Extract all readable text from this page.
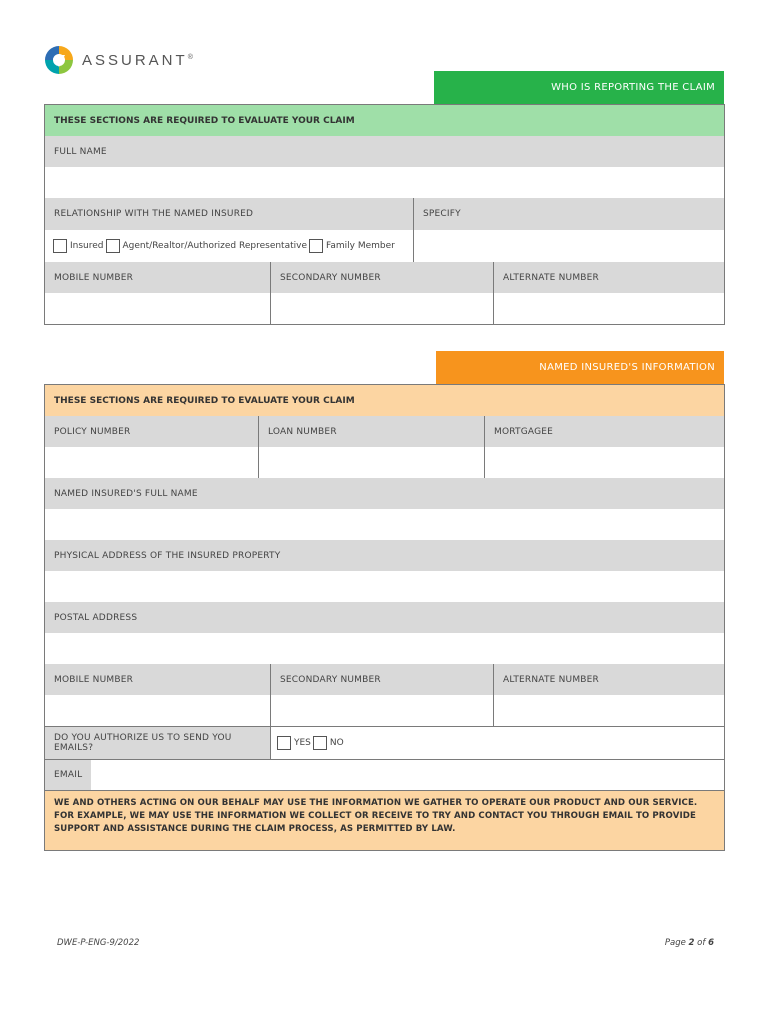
ASSURANT®
WHO IS REPORTING THE CLAIM
THESE SECTIONS ARE REQUIRED TO EVALUATE YOUR CLAIM
FULL NAME
RELATIONSHIP WITH THE NAMED INSURED	SPECIFY
Insured Agent/Realtor/Authorized Representative Family Member
MOBILE NUMBER	SECONDARY NUMBER	ALTERNATE NUMBER
NAMED INSURED'S INFORMATION
THESE SECTIONS ARE REQUIRED TO EVALUATE YOUR CLAIM
POLICY NUMBER	LOAN NUMBER	MORTGAGEE
NAMED INSURED'S FULL NAME
PHYSICAL ADDRESS OF THE INSURED PROPERTY
POSTAL ADDRESS
MOBILE NUMBER	SECONDARY NUMBER	ALTERNATE NUMBER
DO YOU AUTHORIZE US TO SEND YOU EMAILS?	YES NO
EMAIL
WE AND OTHERS ACTING ON OUR BEHALF MAY USE THE INFORMATION WE GATHER TO OPERATE OUR PRODUCT AND OUR SERVICE. FOR EXAMPLE, WE MAY USE THE INFORMATION WE COLLECT OR RECEIVE TO TRY AND CONTACT YOU THROUGH EMAIL TO PROVIDE SUPPORT AND ASSISTANCE DURING THE CLAIM PROCESS, AS PERMITTED BY LAW.
DWE-P-ENG-9/2022	Page 2 of 6
